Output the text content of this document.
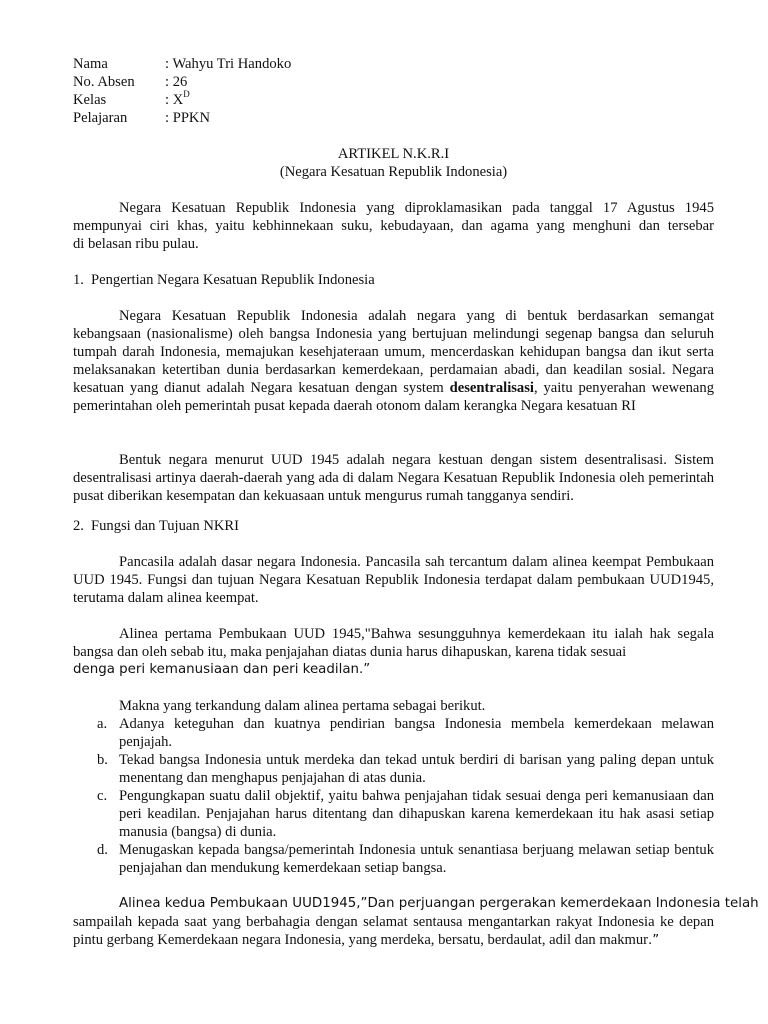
Nama	: Wahyu Tri Handoko
No. Absen : 26
Kelas	: $X^D$
Pelajaran	: PPKN
ARTIKEL N.K.R.I
(Negara Kesatuan Republik Indonesia)
Negara Kesatuan Republik Indonesia yang diproklamasikan pada tanggal 17 Agustus 1945
mempunyai ciri khas, yaitu kebhinnekaan suku, kebudayaan, dan agama yang menghuni dan tersebar
di belasan ribu pulau.
1. Pengertian Negara Kesatuan Republik Indonesia

Negara Kesatuan Republik Indonesia adalah negara yang di bentuk berdasarkan semangat kebangsaan (nasionalisme) oleh bangsa Indonesia yang bertujuan melindungi segenap bangsa dan seluruh tumpah darah Indonesia, memajukan kesehjateraan umum, mencerdaskan kehidupan bangsa dan ikut serta melaksanakan ketertiban dunia berdasarkan kemerdekaan, perdamaian abadi, dan keadilan sosial. Negara kesatuan yang dianut adalah Negara kesatuan dengan system desentralisasi, yaitu penyerahan wewenang pemerintahan oleh pemerintah pusat kepada daerah otonom dalam kerangka Negara kesatuan RI

Bentuk negara menurut UUD 1945 adalah negara kestuan dengan sistem desentralisasi. Sistem desentralisasi artinya daerah-daerah yang ada di dalam Negara Kesatuan Republik Indonesia oleh pemerintah pusat diberikan kesempatan dan kekuasaan untuk mengurus rumah tangganya sendiri.

2. Fungsi dan Tujuan NKRI

Pancasila adalah dasar negara Indonesia. Pancasila sah tercantum dalam alinea keempat Pembukaan UUD 1945. Fungsi dan tujuan Negara Kesatuan Republik Indonesia terdapat dalam pembukaan UUD1945, terutama dalam alinea keempat.

Alinea pertama Pembukaan UUD 1945,"Bahwa sesungguhnya kemerdekaan itu ialah hak segala bangsa dan oleh sebab itu, maka penjajahan diatas dunia harus dihapuskan, karena tidak sesuai
denga peri kemanusiaan dan peri keadilan.”
Makna yang terkandung dalam alinea pertama sebagai berikut.
a. Adanya keteguhan dan kuatnya pendirian bangsa Indonesia membela kemerdekaan melawan penjajah.
b. Tekad bangsa Indonesia untuk merdeka dan tekad untuk berdiri di barisan yang paling depan untuk menentang dan menghapus penjajahan di atas dunia.
c. Pengungkapan suatu dalil objektif, yaitu bahwa penjajahan tidak sesuai denga peri kemanusiaan dan peri keadilan. Penjajahan harus ditentang dan dihapuskan karena kemerdekaan itu hak asasi setiap manusia (bangsa) di dunia.
d. Menugaskan kepada bangsa/pemerintah Indonesia untuk senantiasa berjuang melawan setiap bentuk penjajahan dan mendukung kemerdekaan setiap bangsa.
Alinea kedua Pembukaan UUD1945,”Dan perjuangan pergerakan kemerdekaan Indonesia telah
sampailah kepada saat yang berbahagia dengan selamat sentausa mengantarkan rakyat Indonesia ke depan pintu gerbang Kemerdekaan negara Indonesia, yang merdeka, bersatu, berdaulat, adil dan makmur.”
